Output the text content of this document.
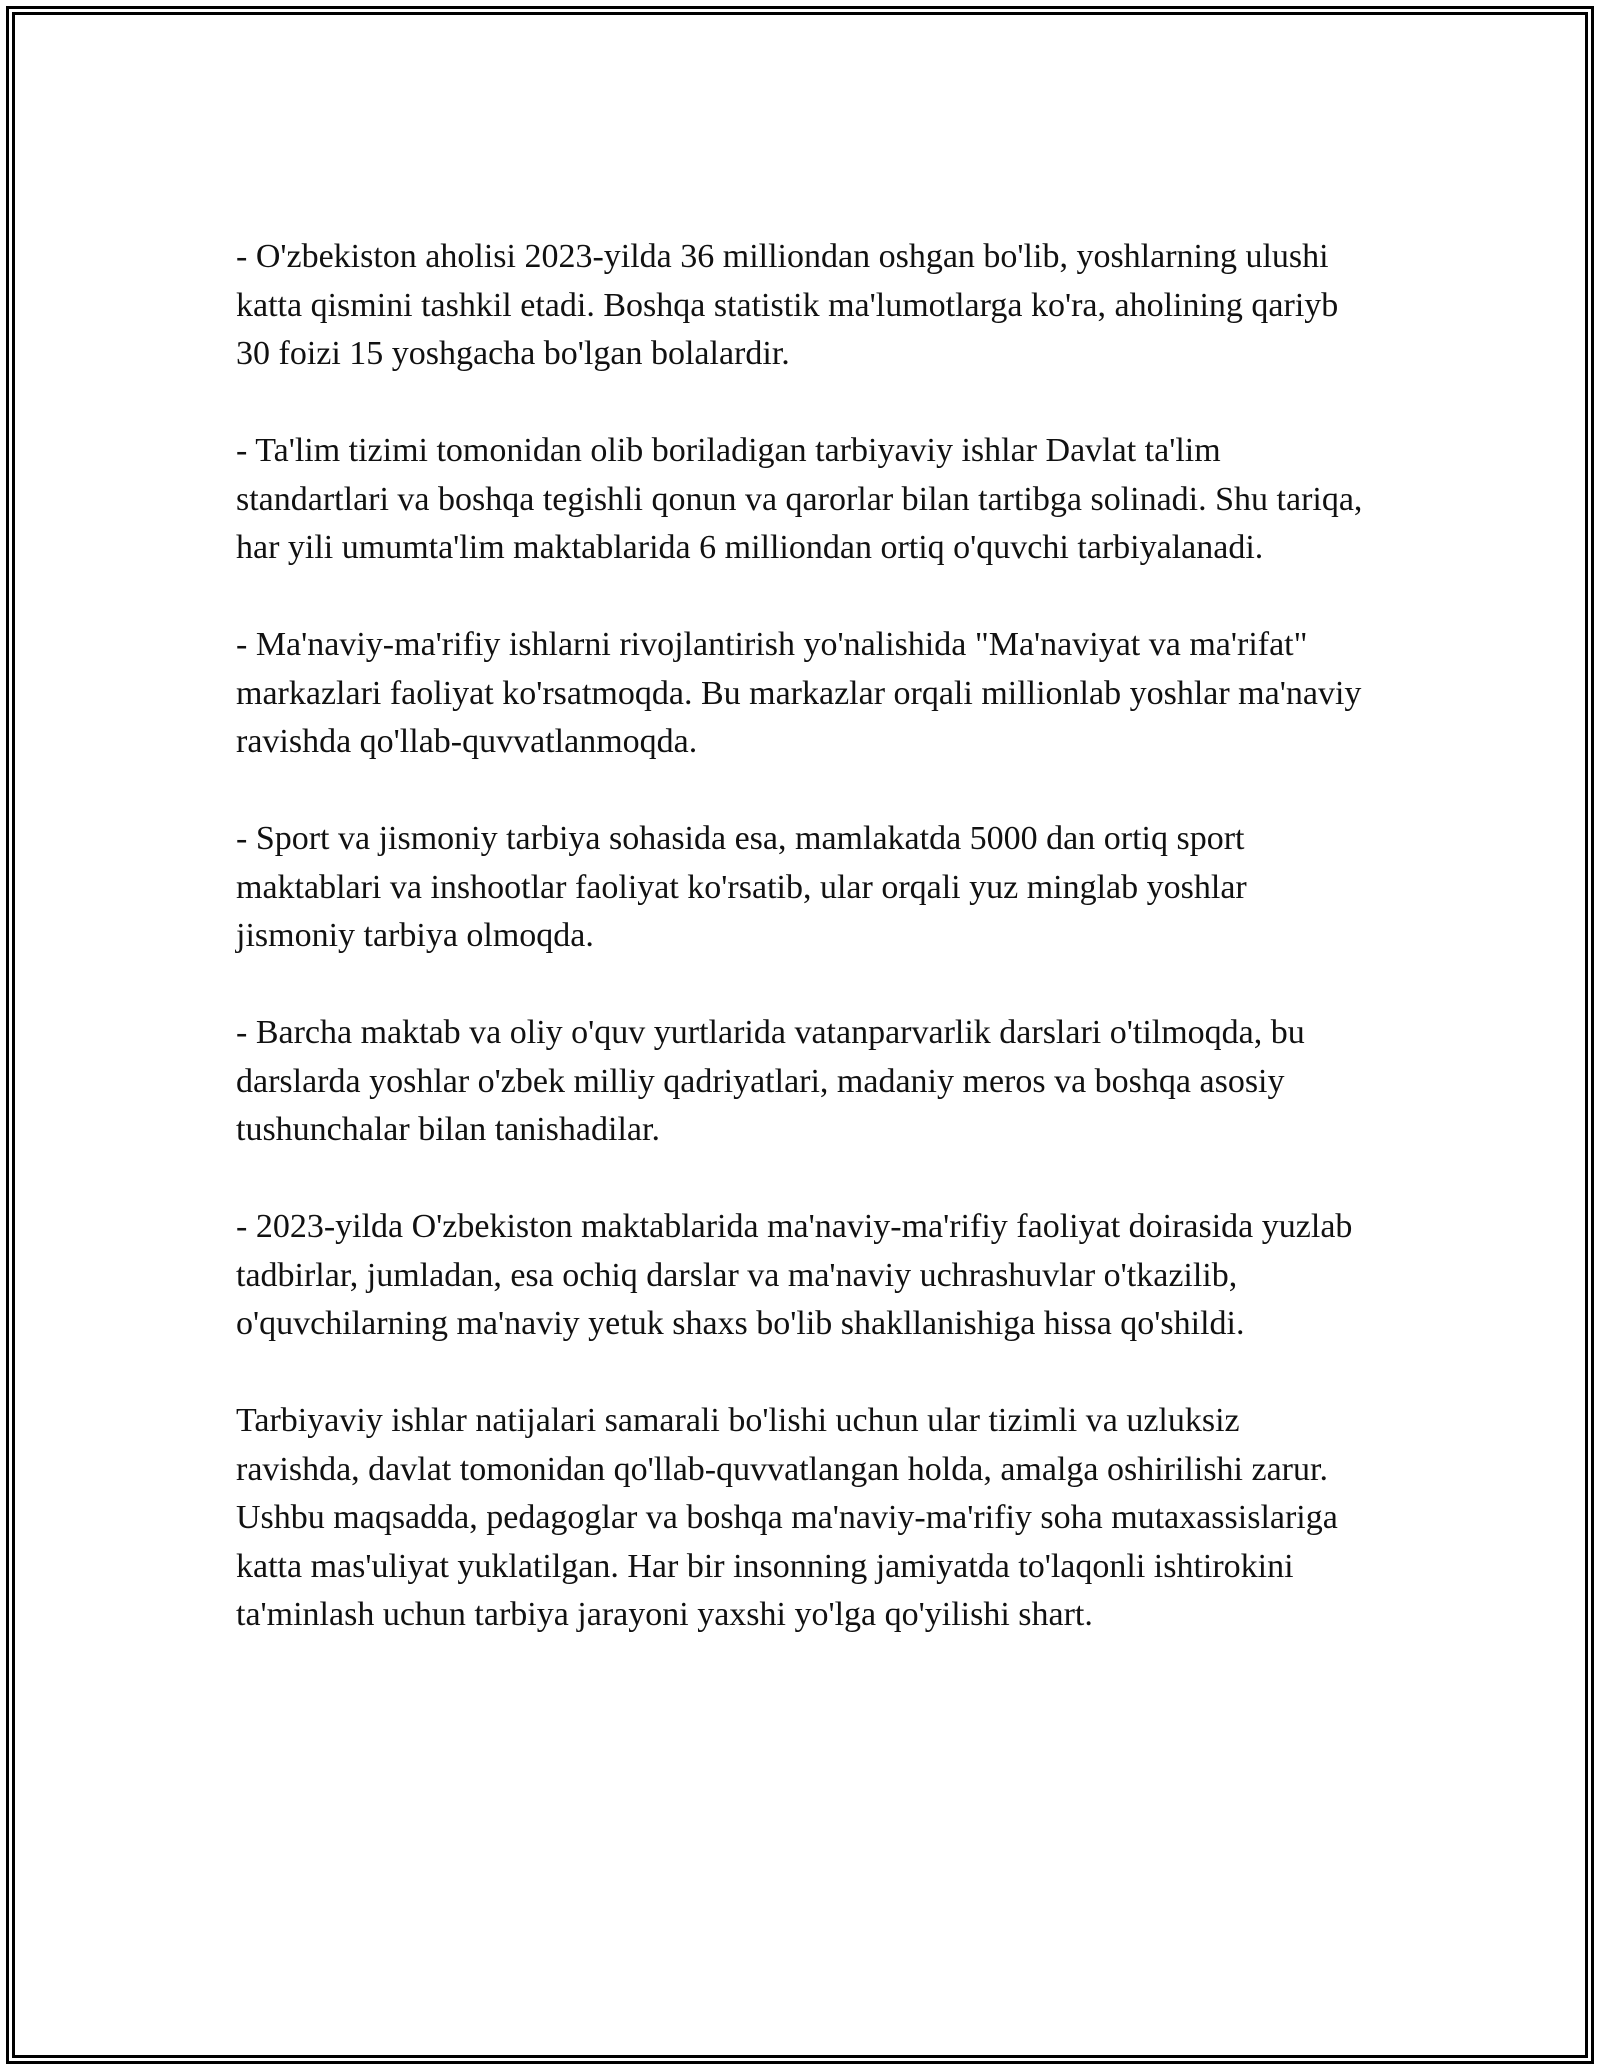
- O'zbekiston aholisi 2023-yilda 36 milliondan oshgan bo'lib, yoshlarning ulushi katta qismini tashkil etadi. Boshqa statistik ma'lumotlarga ko'ra, aholining qariyb 30 foizi 15 yoshgacha bo'lgan bolalardir.

- Ta'lim tizimi tomonidan olib boriladigan tarbiyaviy ishlar Davlat ta'lim standartlari va boshqa tegishli qonun va qarorlar bilan tartibga solinadi. Shu tariqa, har yili umumta'lim maktablarida 6 milliondan ortiq o'quvchi tarbiyalanadi.

- Ma'naviy-ma'rifiy ishlarni rivojlantirish yo'nalishida "Ma'naviyat va ma'rifat" markazlari faoliyat ko'rsatmoqda. Bu markazlar orqali millionlab yoshlar ma'naviy ravishda qo'llab-quvvatlanmoqda.

- Sport va jismoniy tarbiya sohasida esa, mamlakatda 5000 dan ortiq sport maktablari va inshootlar faoliyat ko'rsatib, ular orqali yuz minglab yoshlar jismoniy tarbiya olmoqda.

- Barcha maktab va oliy o'quv yurtlarida vatanparvarlik darslari o'tilmoqda, bu darslarda yoshlar o'zbek milliy qadriyatlari, madaniy meros va boshqa asosiy tushunchalar bilan tanishadilar.

- 2023-yilda O'zbekiston maktablarida ma'naviy-ma'rifiy faoliyat doirasida yuzlab tadbirlar, jumladan, esa ochiq darslar va ma'naviy uchrashuvlar o'tkazilib, o'quvchilarning ma'naviy yetuk shaxs bo'lib shakllanishiga hissa qo'shildi.

Tarbiyaviy ishlar natijalari samarali bo'lishi uchun ular tizimli va uzluksiz ravishda, davlat tomonidan qo'llab-quvvatlangan holda, amalga oshirilishi zarur. Ushbu maqsadda, pedagoglar va boshqa ma'naviy-ma'rifiy soha mutaxassislariga katta mas'uliyat yuklatilgan. Har bir insonning jamiyatda to'laqonli ishtirokini ta'minlash uchun tarbiya jarayoni yaxshi yo'lga qo'yilishi shart.
